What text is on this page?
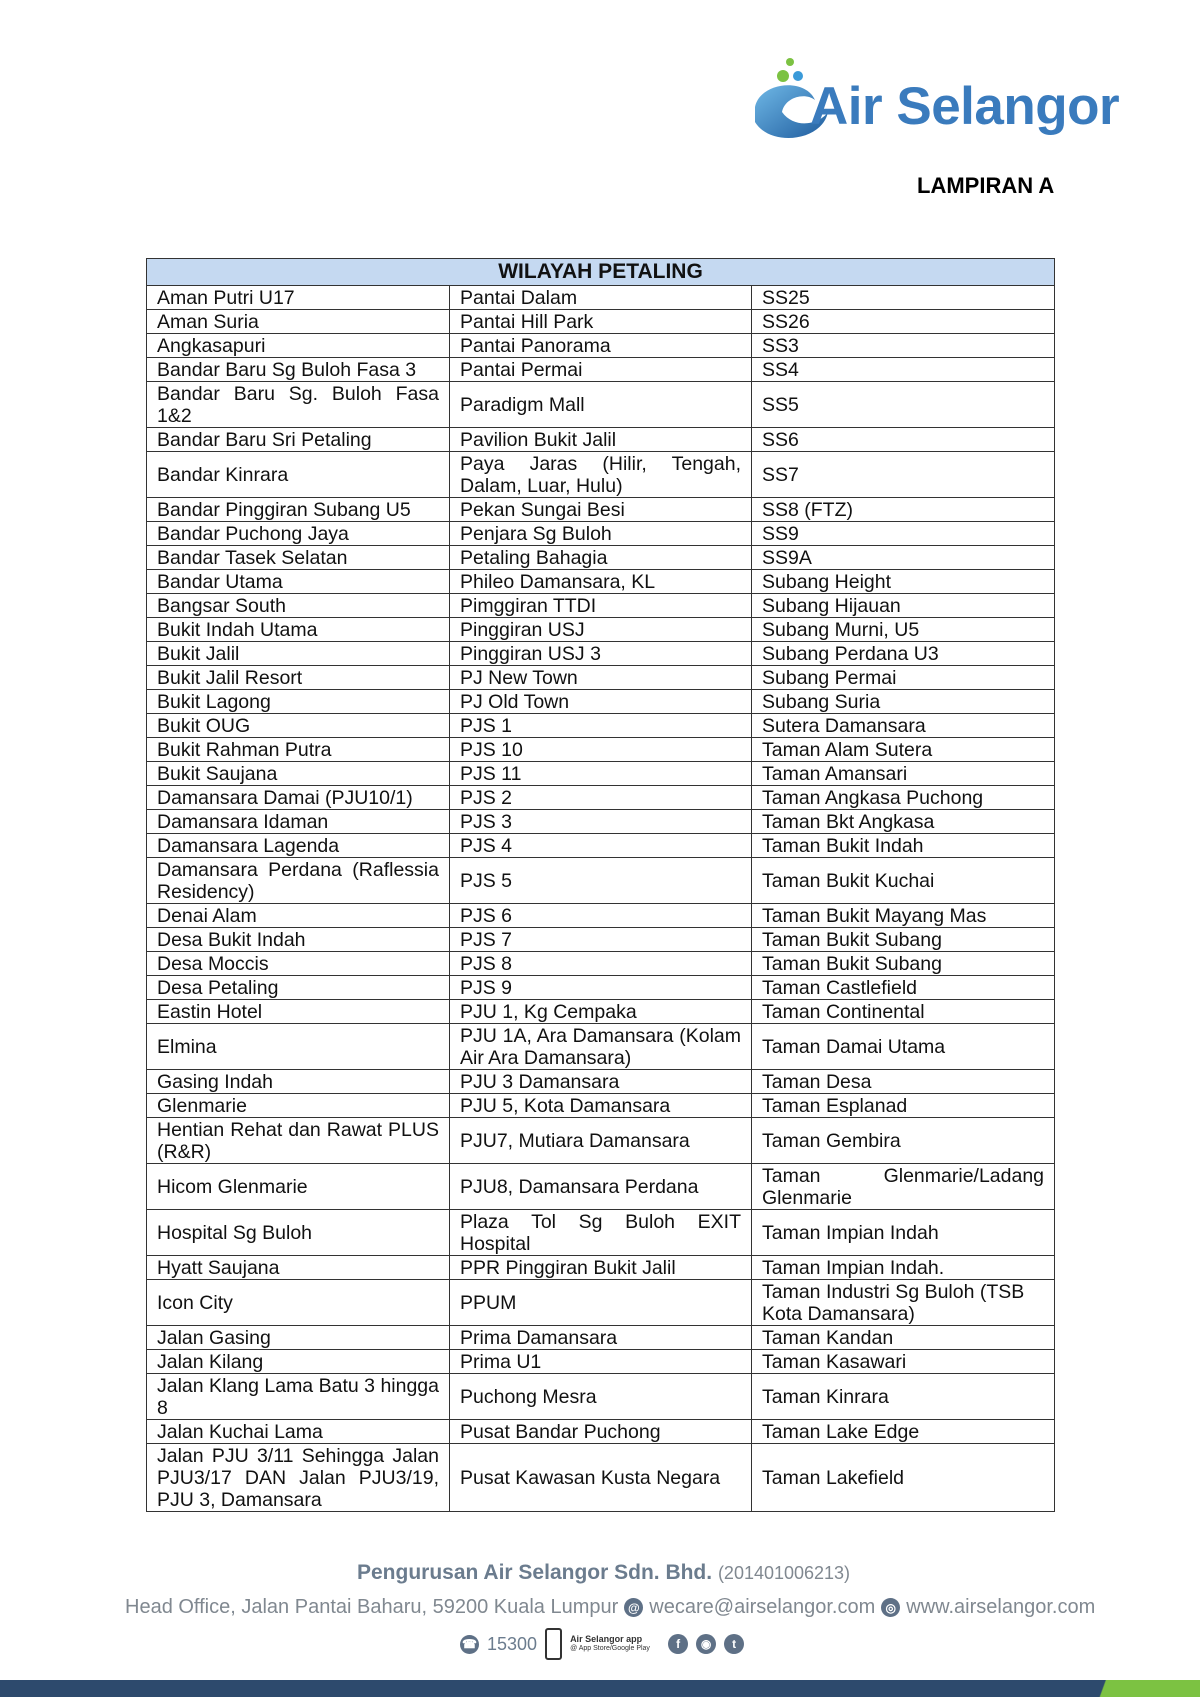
Air Selangor
LAMPIRAN A
WILAYAH PETALING		
Aman Putri U17	Pantai Dalam	SS25
Aman Suria	Pantai Hill Park	SS26
Angkasapuri	Pantai Panorama	SS3
Bandar Baru Sg Buloh Fasa 3	Pantai Permai	SS4
Bandar Baru Sg. Buloh Fasa 1&2	Paradigm Mall	SS5
Bandar Baru Sri Petaling	Pavilion Bukit Jalil	SS6
Bandar Kinrara	Paya Jaras (Hilir, Tengah, Dalam, Luar, Hulu)	SS7
Bandar Pinggiran Subang U5	Pekan Sungai Besi	SS8 (FTZ)
Bandar Puchong Jaya	Penjara Sg Buloh	SS9
Bandar Tasek Selatan	Petaling Bahagia	SS9A
Bandar Utama	Phileo Damansara, KL	Subang Height
Bangsar South	Pimggiran TTDI	Subang Hijauan
Bukit Indah Utama	Pinggiran USJ	Subang Murni, U5
Bukit Jalil	Pinggiran USJ 3	Subang Perdana U3
Bukit Jalil Resort	PJ New Town	Subang Permai
Bukit Lagong	PJ Old Town	Subang Suria
Bukit OUG	PJS 1	Sutera Damansara
Bukit Rahman Putra	PJS 10	Taman Alam Sutera
Bukit Saujana	PJS 11	Taman Amansari
Damansara Damai (PJU10/1)	PJS 2	Taman Angkasa Puchong
Damansara Idaman	PJS 3	Taman Bkt Angkasa
Damansara Lagenda	PJS 4	Taman Bukit Indah
Damansara Perdana (Raflessia Residency)	PJS 5	Taman Bukit Kuchai
Denai Alam	PJS 6	Taman Bukit Mayang Mas
Desa Bukit Indah	PJS 7	Taman Bukit Subang
Desa Moccis	PJS 8	Taman Bukit Subang
Desa Petaling	PJS 9	Taman Castlefield
Eastin Hotel	PJU 1, Kg Cempaka	Taman Continental
Elmina	PJU 1A, Ara Damansara (Kolam Air Ara Damansara)	Taman Damai Utama
Gasing Indah	PJU 3 Damansara	Taman Desa
Glenmarie	PJU 5, Kota Damansara	Taman Esplanad
Hentian Rehat dan Rawat PLUS (R&R)	PJU7, Mutiara Damansara	Taman Gembira
Hicom Glenmarie	PJU8, Damansara Perdana	Taman Glenmarie/Ladang Glenmarie
Hospital Sg Buloh	Plaza Tol Sg Buloh EXIT Hospital	Taman Impian Indah
Hyatt Saujana	PPR Pinggiran Bukit Jalil	Taman Impian Indah.
Icon City	PPUM	Taman Industri Sg Buloh (TSB Kota Damansara)
Jalan Gasing	Prima Damansara	Taman Kandan
Jalan Kilang	Prima U1	Taman Kasawari
Jalan Klang Lama Batu 3 hingga 8	Puchong Mesra	Taman Kinrara
Jalan Kuchai Lama	Pusat Bandar Puchong	Taman Lake Edge
Jalan PJU 3/11 Sehingga Jalan PJU3/17 DAN Jalan PJU3/19, PJU 3, Damansara	Pusat Kawasan Kusta Negara	Taman Lakefield
Pengurusan Air Selangor Sdn. Bhd. (201401006213)
Head Office, Jalan Pantai Baharu, 59200 Kuala Lumpur @ wecare@airselangor.com ◎ www.airselangor.com
☎ 15300	Air Selangor app
@ App Store/Google Play	f	◉	t
